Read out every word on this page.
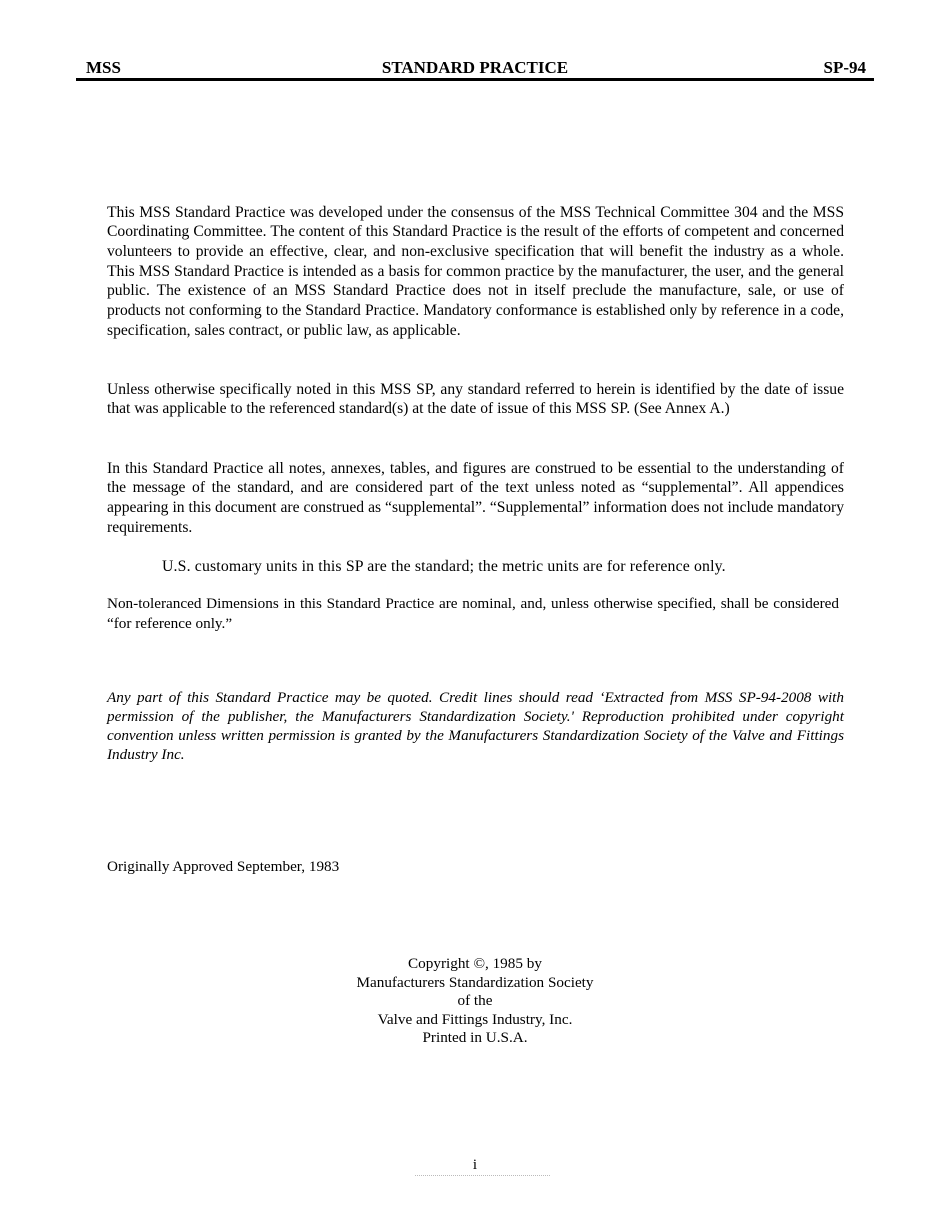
MSS	STANDARD PRACTICE	SP-94

This MSS Standard Practice was developed under the consensus of the MSS Technical Committee 304 and the MSS Coordinating Committee. The content of this Standard Practice is the result of the efforts of competent and concerned volunteers to provide an effective, clear, and non-exclusive specification that will benefit the industry as a whole. This MSS Standard Practice is intended as a basis for common practice by the manufacturer, the user, and the general public. The existence of an MSS Standard Practice does not in itself preclude the manufacture, sale, or use of products not conforming to the Standard Practice. Mandatory conformance is established only by reference in a code, specification, sales contract, or public law, as applicable.

Unless otherwise specifically noted in this MSS SP, any standard referred to herein is identified by the date of issue that was applicable to the referenced standard(s) at the date of issue of this MSS SP. (See Annex A.)

In this Standard Practice all notes, annexes, tables, and figures are construed to be essential to the understanding of the message of the standard, and are considered part of the text unless noted as “supplemental”. All appendices appearing in this document are construed as “supplemental”. “Supplemental” information does not include mandatory requirements.

U.S. customary units in this SP are the standard; the metric units are for reference only.

Non-toleranced Dimensions in this Standard Practice are nominal, and, unless otherwise specified, shall be considered “for reference only.”

Any part of this Standard Practice may be quoted. Credit lines should read ‘Extracted from MSS SP-94-2008 with permission of the publisher, the Manufacturers Standardization Society.' Reproduction prohibited under copyright convention unless written permission is granted by the Manufacturers Standardization Society of the Valve and Fittings Industry Inc.

Originally Approved September, 1983

Copyright ©, 1985 by
Manufacturers Standardization Society
of the
Valve and Fittings Industry, Inc.
Printed in U.S.A.
i
